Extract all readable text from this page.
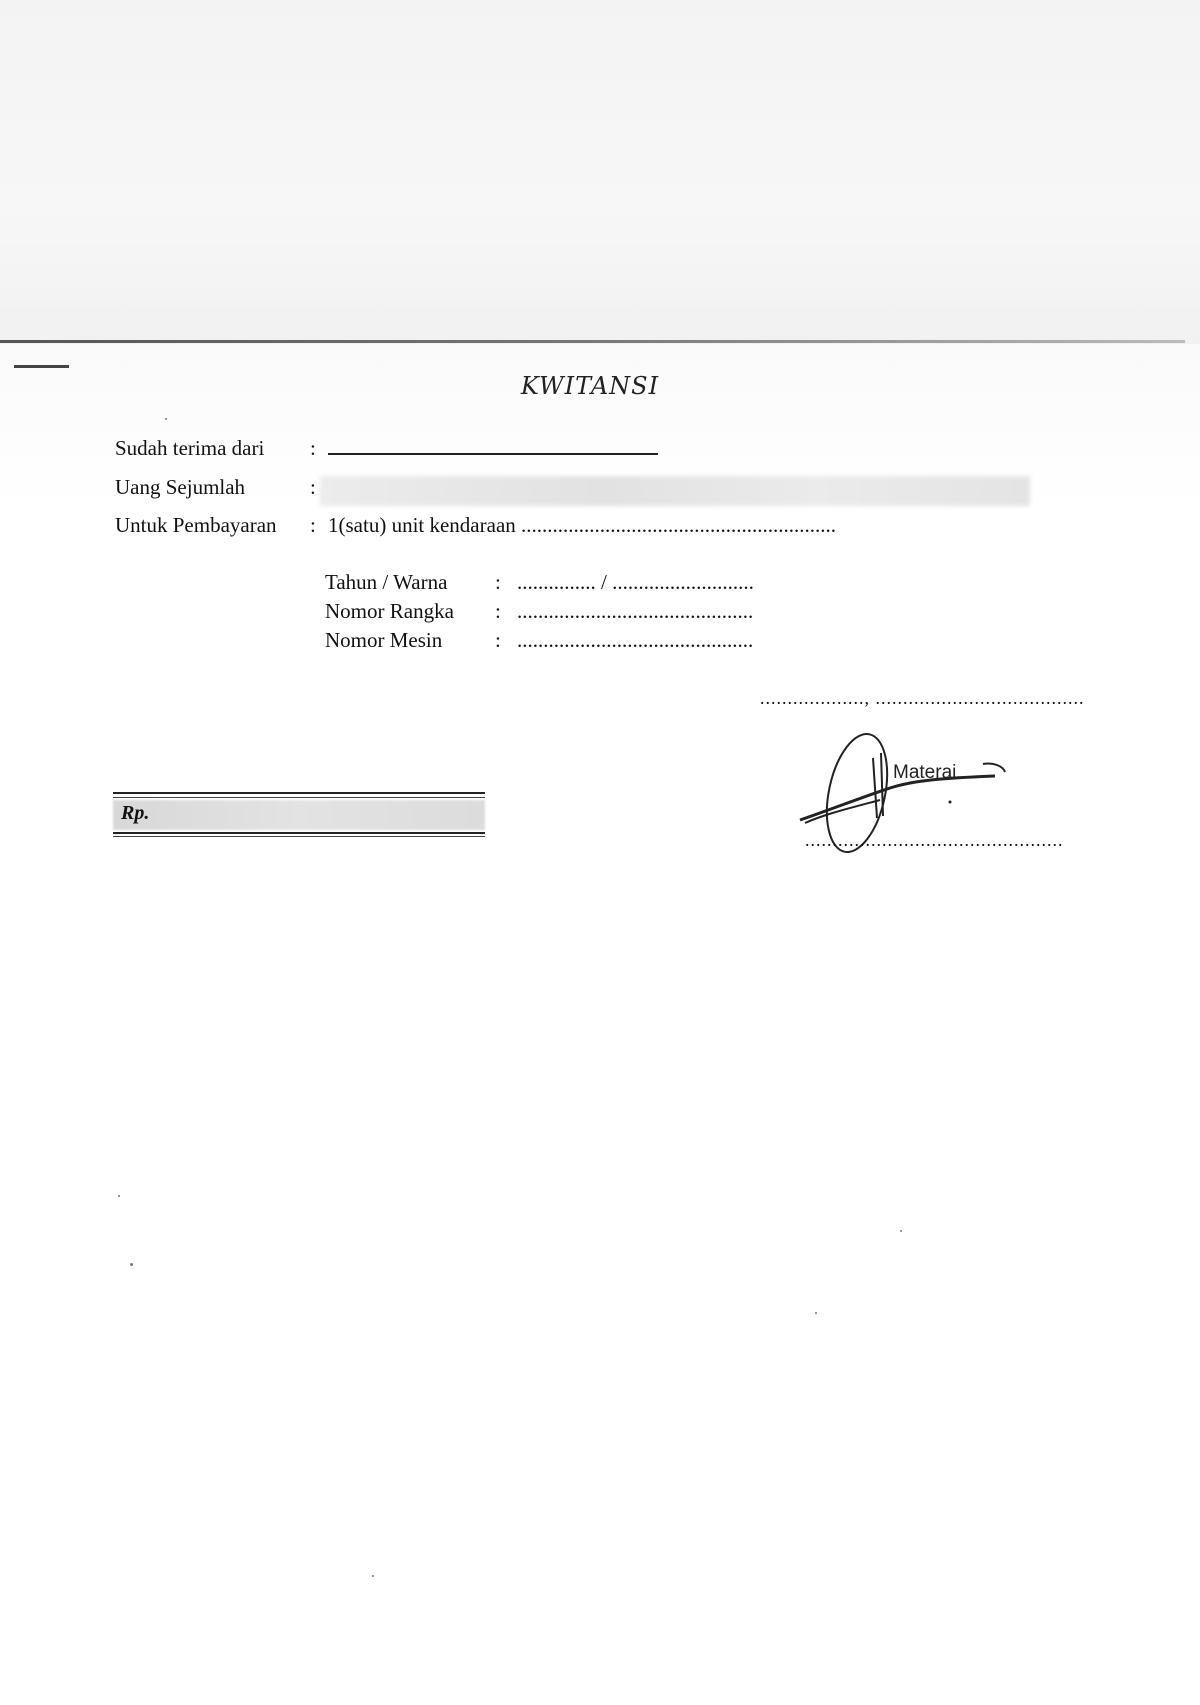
KWITANSI
Sudah terima dari :
Uang Sejumlah	:
Untuk Pembayaran : 1(satu) unit kendaraan ............................................................
Tahun / Warna : ............... / ...........................
Nomor Rangka : .............................................
Nomor Mesin	: .............................................
..................., ......................................
Rp.
Materai
...............................................
